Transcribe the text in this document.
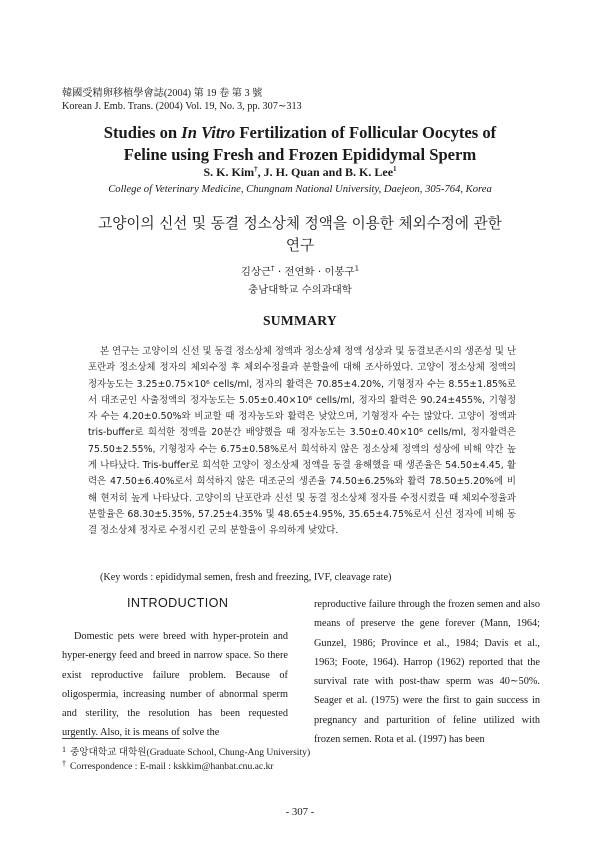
韓國受精卵移植學會誌(2004) 第 19 卷 第 3 號
Korean J. Emb. Trans. (2004) Vol. 19, No. 3, pp. 307∼313
Studies on In Vitro Fertilization of Follicular Oocytes of
Feline using Fresh and Frozen Epididymal Sperm
S. K. Kim†, J. H. Quan and B. K. Lee$^1$
College of Veterinary Medicine, Chungnam National University, Daejeon, 305-764, Korea
고양이의 신선 및 동결 정소상체 정액을 이용한 체외수정에 관한
연구
김상근† · 전연화 · 이봉구$^1$
충남대학교 수의과대학
SUMMARY

본 연구는 고양이의 신선 및 동결 정소상체 정액과 정소상체 정액 성상과 및 동결보존시의 생존성 및 난포란과 정소상체 정자의 체외수정 후 체외수정율과 분할율에 대해 조사하였다. 고양이 정소상체 정액의 정자농도는 3.25±0.75×10⁶ cells/ml, 정자의 활력은 70.85±4.20%, 기형정자 수는 8.55±1.85%로서 대조군인 사출정액의 정자농도는 5.05±0.40×10⁶ cells/ml, 정자의 활력은 90.24±455%, 기형정자 수는 4.20±0.50%와 비교할 때 정자농도와 활력은 낮았으며, 기형정자 수는 많았다. 고양이 정액과 tris-buffer로 희석한 정액을 20분간 배양했을 때 정자농도는 3.50±0.40×10⁶ cells/ml, 정자활력은 75.50±2.55%, 기형정자 수는 6.75±0.58%로서 희석하지 않은 정소상체 정액의 성상에 비해 약간 높게 나타났다. Tris-buffer로 희석한 고양이 정소상체 정액을 동결 융해했을 때 생존율은 54.50±4.45, 활력은 47.50±6.40%로서 희석하지 않은 대조군의 생존율 74.50±6.25%와 활력 78.50±5.20%에 비해 현저히 높게 나타났다. 고양이의 난포란과 신선 및 동결 정소상체 정자를 수정시켰을 때 체외수정율과 분할율은 68.30±5.35%, 57.25±4.35% 및 48.65±4.95%, 35.65±4.75%로서 신선 정자에 비해 동결 정소상체 정자로 수정시킨 군의 분할율이 유의하게 낮았다.

(Key words : epididymal semen, fresh and freezing, IVF, cleavage rate)
INTRODUCTION

Domestic pets were breed with hyper-protein and hyper-energy feed and breed in narrow space. So there exist reproductive failure problem. Because of oligospermia, increasing number of abnormal sperm and sterility, the resolution has been requested urgently. Also, it is means of solve the

reproductive failure through the frozen semen and also means of preserve the gene forever (Mann, 1964; Gunzel, 1986; Province et al., 1984; Davis et al., 1963; Foote, 1964). Harrop (1962) reported that the survival rate with post-thaw sperm was 40∼50%. Seager et al. (1975) were the first to gain success in pregnancy and parturition of feline utilized with frozen semen. Rota et al. (1997) has been

$^1$ 중앙대학교 대학원(Graduate School, Chung-Ang University)
† Correspondence : E-mail : kskkim@hanbat.cnu.ac.kr
- 307 -
